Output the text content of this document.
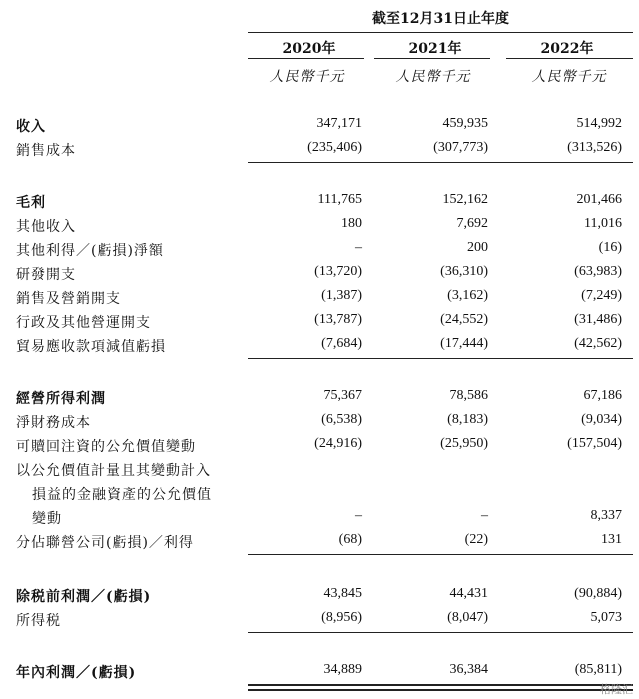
截至12月31日止年度
2020年	2021年	2022年
人民幣千元	人民幣千元	人民幣千元
收入	347,171	459,935	514,992
銷售成本	(235,406)	(307,773)	(313,526)
毛利	111,765	152,162	201,466
其他收入	180	7,692	11,016
其他利得／(虧損)淨額	–	200	(16)
研發開支	(13,720)	(36,310)	(63,983)
銷售及營銷開支	(1,387)	(3,162)	(7,249)
行政及其他營運開支	(13,787)	(24,552)	(31,486)
貿易應收款項減值虧損	(7,684)	(17,444)	(42,562)
經營所得利潤	75,367	78,586	67,186
淨財務成本	(6,538)	(8,183)	(9,034)
可贖回注資的公允價值變動	(24,916)	(25,950)	(157,504)
以公允價值計量且其變動計入
損益的金融資產的公允價值
變動	–	–	8,337
分佔聯營公司(虧損)／利得	(68)	(22)	131
除税前利潤／(虧損)	43,845	44,431	(90,884)
所得税	(8,956)	(8,047)	5,073
年內利潤／(虧損)	34,889	36,384	(85,811)
格隆汇
